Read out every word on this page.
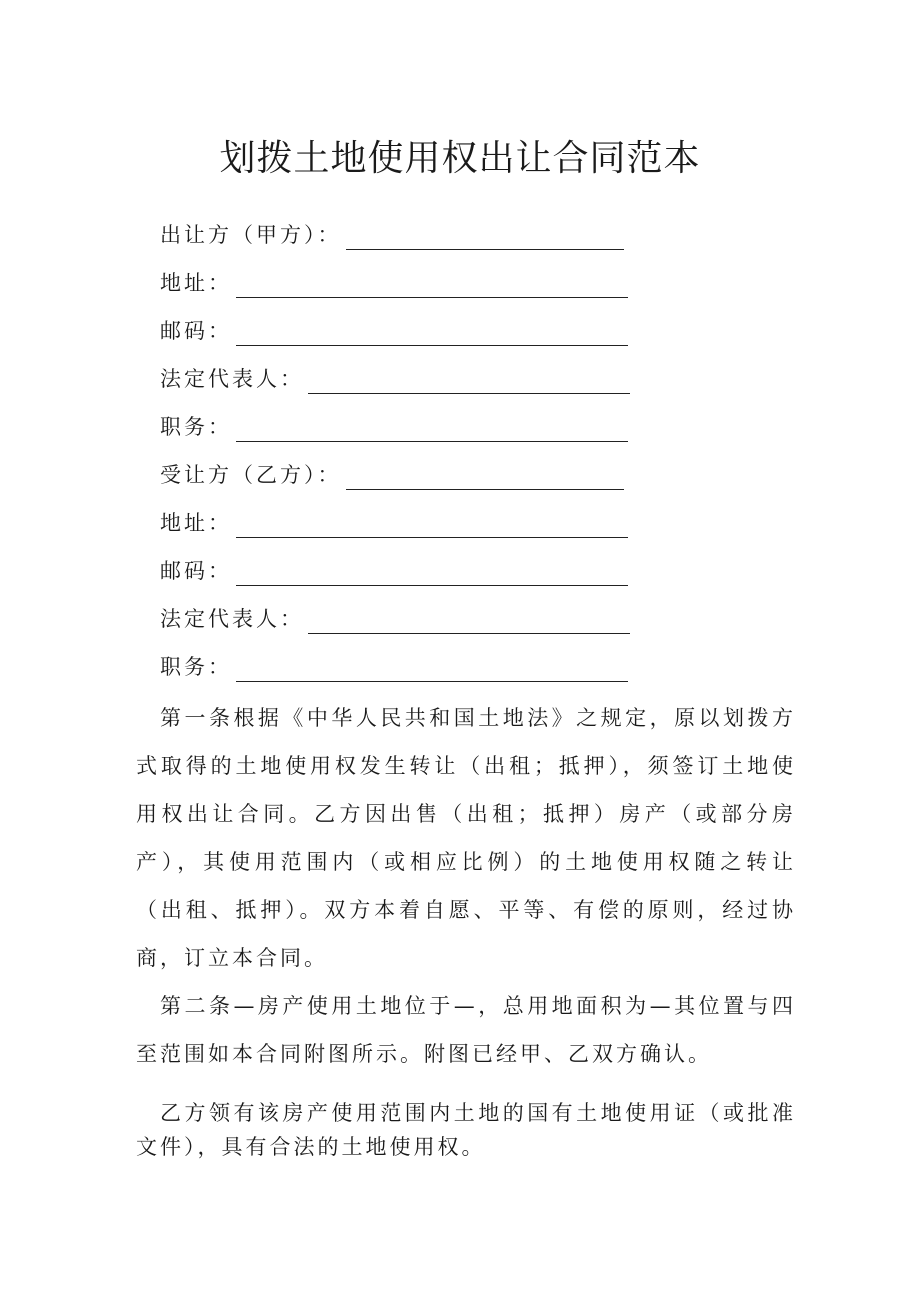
划拨土地使用权出让合同范本
出让方（甲方）：
地址：
邮码：
法定代表人：
职务：
受让方（乙方）：
地址：
邮码：
法定代表人：
职务：

第一条根据《中华人民共和国土地法》之规定，原以划拨方式取得的土地使用权发生转让（出租；抵押），须签订土地使用权出让合同。乙方因出售（出租；抵押）房产（或部分房产），其使用范围内（或相应比例）的土地使用权随之转让（出租、抵押）。双方本着自愿、平等、有偿的原则，经过协商，订立本合同。

第二条—房产使用土地位于—，总用地面积为—其位置与四至范围如本合同附图所示。附图已经甲、乙双方确认。

乙方领有该房产使用范围内土地的国有土地使用证（或批准文件），具有合法的土地使用权。
